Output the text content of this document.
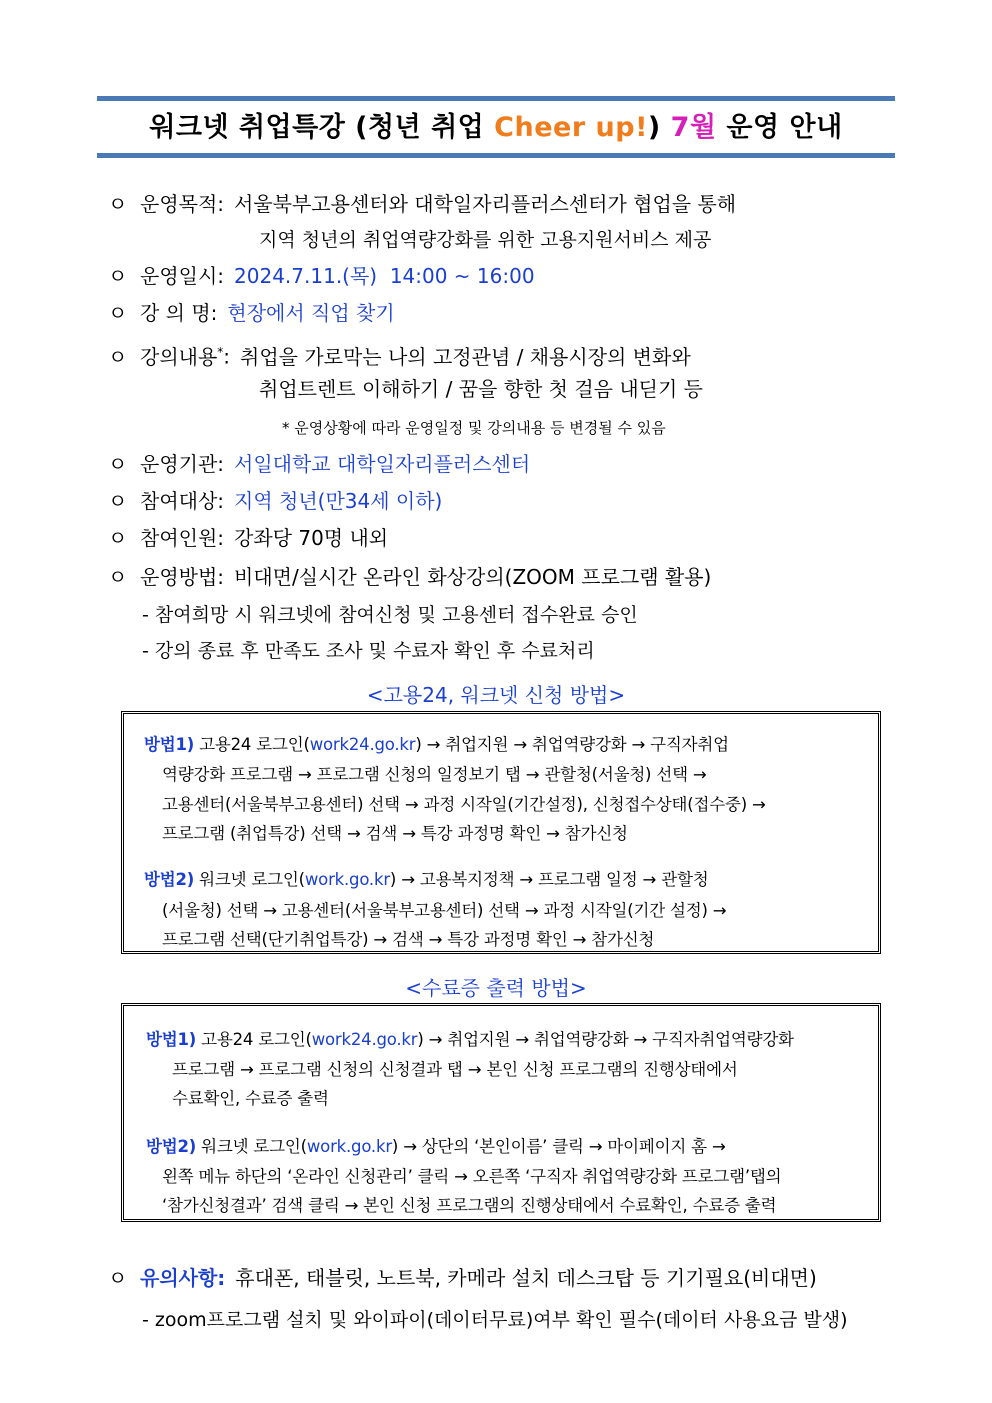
워크넷 취업특강 (청년 취업 Cheer up!) 7월 운영 안내
ㅇ 운영목적: 서울북부고용센터와 대학일자리플러스센터가 협업을 통해
지역 청년의 취업역량강화를 위한 고용지원서비스 제공
ㅇ 운영일시: 2024.7.11.(목)  14:00 ~ 16:00
ㅇ 강 의 명: 현장에서 직업 찾기
ㅇ 강의내용*: 취업을 가로막는 나의 고정관념 / 채용시장의 변화와
취업트렌트 이해하기 / 꿈을 향한 첫 걸음 내딛기 등
* 운영상황에 따라 운영일정 및 강의내용 등 변경될 수 있음
ㅇ 운영기관: 서일대학교 대학일자리플러스센터
ㅇ 참여대상: 지역 청년(만34세 이하)
ㅇ 참여인원: 강좌당 70명 내외
ㅇ 운영방법: 비대면/실시간 온라인 화상강의(ZOOM 프로그램 활용)
- 참여희망 시 워크넷에 참여신청 및 고용센터 접수완료 승인
- 강의 종료 후 만족도 조사 및 수료자 확인 후 수료처리
<고용24, 워크넷 신청 방법>
방법1) 고용24 로그인(work24.go.kr) → 취업지원 → 취업역량강화 → 구직자취업
역량강화 프로그램 → 프로그램 신청의 일정보기 탭 → 관할청(서울청) 선택 →
고용센터(서울북부고용센터) 선택 → 과정 시작일(기간설정), 신청접수상태(접수중) →
프로그램 (취업특강) 선택 → 검색 → 특강 과정명 확인 → 참가신청
방법2) 워크넷 로그인(work.go.kr) → 고용복지정책 → 프로그램 일정 → 관할청
(서울청) 선택 → 고용센터(서울북부고용센터) 선택 → 과정 시작일(기간 설정) →
프로그램 선택(단기취업특강) → 검색 → 특강 과정명 확인 → 참가신청
<수료증 출력 방법>
방법1) 고용24 로그인(work24.go.kr) → 취업지원 → 취업역량강화 → 구직자취업역량강화
프로그램 → 프로그램 신청의 신청결과 탭 → 본인 신청 프로그램의 진행상태에서
수료확인, 수료증 출력
방법2) 워크넷 로그인(work.go.kr) → 상단의 ‘본인이름’ 클릭 → 마이페이지 홈 →
왼쪽 메뉴 하단의 ‘온라인 신청관리’ 클릭 → 오른쪽 ‘구직자 취업역량강화 프로그램’탭의
‘참가신청결과’ 검색 클릭 → 본인 신청 프로그램의 진행상태에서 수료확인, 수료증 출력
ㅇ 유의사항: 휴대폰, 태블릿, 노트북, 카메라 설치 데스크탑 등 기기필요(비대면)
- zoom프로그램 설치 및 와이파이(데이터무료)여부 확인 필수(데이터 사용요금 발생)
